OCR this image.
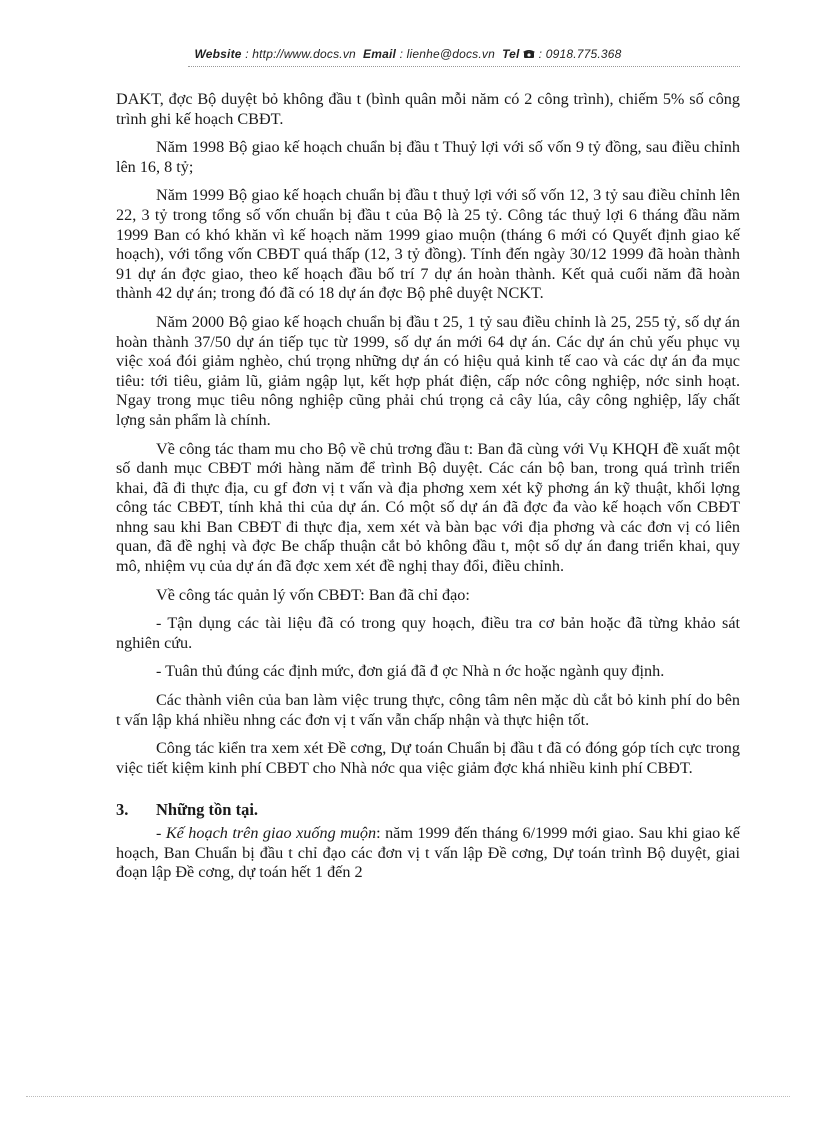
Website : http://www.docs.vn Email : lienhe@docs.vn Tel : 0918.775.368

DAKT, đợc Bộ duyệt bỏ không đầu t (bình quân mỗi năm có 2 công trình), chiếm 5% số công trình ghi kế hoạch CBĐT.

Năm 1998 Bộ giao kế hoạch chuẩn bị đầu t Thuỷ lợi với số vốn 9 tỷ đồng, sau điều chỉnh lên 16, 8 tỷ;

Năm 1999 Bộ giao kế hoạch chuẩn bị đầu t thuỷ lợi với số vốn 12, 3 tỷ sau điều chỉnh lên 22, 3 tỷ trong tổng số vốn chuẩn bị đầu t của Bộ là 25 tỷ. Công tác thuỷ lợi 6 tháng đầu năm 1999 Ban có khó khăn vì kế hoạch năm 1999 giao muộn (tháng 6 mới có Quyết định giao kế hoạch), với tổng vốn CBĐT quá thấp (12, 3 tỷ đồng). Tính đến ngày 30/12 1999 đã hoàn thành 91 dự án đợc giao, theo kế hoạch đầu bố trí 7 dự án hoàn thành. Kết quả cuối năm đã hoàn thành 42 dự án; trong đó đã có 18 dự án đợc Bộ phê duyệt NCKT.

Năm 2000 Bộ giao kế hoạch chuẩn bị đầu t 25, 1 tỷ sau điều chỉnh là 25, 255 tỷ, số dự án hoàn thành 37/50 dự án tiếp tục từ 1999, số dự án mới 64 dự án. Các dự án chủ yếu phục vụ việc xoá đói giảm nghèo, chú trọng những dự án có hiệu quả kinh tế cao và các dự án đa mục tiêu: tới tiêu, giảm lũ, giảm ngập lụt, kết hợp phát điện, cấp nớc công nghiệp, nớc sinh hoạt. Ngay trong mục tiêu nông nghiệp cũng phải chú trọng cả cây lúa, cây công nghiệp, lấy chất lợng sản phẩm là chính.

Về công tác tham mu cho Bộ về chủ trơng đầu t: Ban đã cùng với Vụ KHQH đề xuất một số danh mục CBĐT mới hàng năm để trình Bộ duyệt. Các cán bộ ban, trong quá trình triển khai, đã đi thực địa, cu gf đơn vị t vấn và địa phơng xem xét kỹ phơng án kỹ thuật, khối lợng công tác CBĐT, tính khả thi của dự án. Có một số dự án đã đợc đa vào kế hoạch vốn CBĐT nhng sau khi Ban CBĐT đi thực địa, xem xét và bàn bạc với địa phơng và các đơn vị có liên quan, đã đề nghị và đợc Be chấp thuận cắt bỏ không đầu t, một số dự án đang triển khai, quy mô, nhiệm vụ của dự án đã đợc xem xét đề nghị thay đổi, điều chỉnh.

Về công tác quản lý vốn CBĐT: Ban đã chỉ đạo:

- Tận dụng các tài liệu đã có trong quy hoạch, điều tra cơ bản hoặc đã từng khảo sát nghiên cứu.

- Tuân thủ đúng các định mức, đơn giá đã đ ợc Nhà n ớc hoặc ngành quy định.

Các thành viên của ban làm việc trung thực, công tâm nên mặc dù cắt bỏ kinh phí do bên t vấn lập khá nhiều nhng các đơn vị t vấn vẫn chấp nhận và thực hiện tốt.

Công tác kiển tra xem xét Đề cơng, Dự toán Chuẩn bị đầu t đã có đóng góp tích cực trong việc tiết kiệm kinh phí CBĐT cho Nhà nớc qua việc giảm đợc khá nhiều kinh phí CBĐT.

3. Những tồn tại.

- Kế hoạch trên giao xuống muộn: năm 1999 đến tháng 6/1999 mới giao. Sau khi giao kế hoạch, Ban Chuẩn bị đầu t chỉ đạo các đơn vị t vấn lập Đề cơng, Dự toán trình Bộ duyệt, giai đoạn lập Đề cơng, dự toán hết 1 đến 2
